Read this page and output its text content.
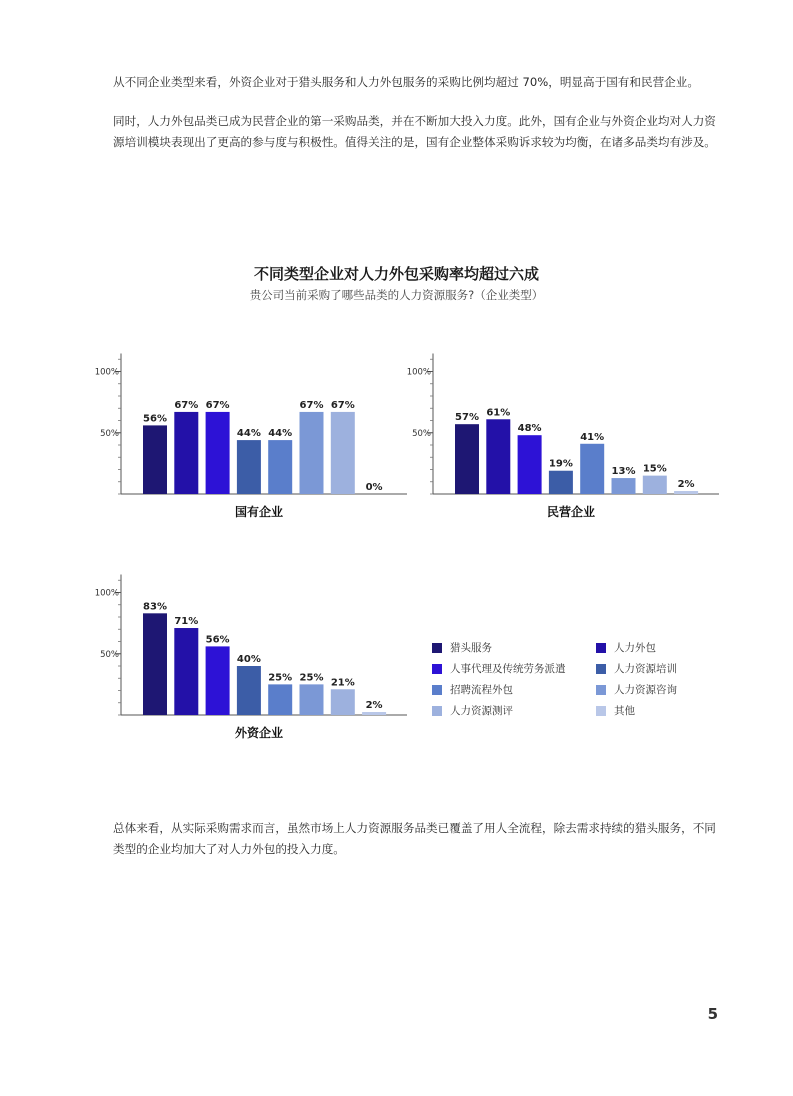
从不同企业类型来看，外资企业对于猎头服务和人力外包服务的采购比例均超过 70%，明显高于国有和民营企业。

同时，人力外包品类已成为民营企业的第一采购品类，并在不断加大投入力度。此外，国有企业与外资企业均对人力资源培训模块表现出了更高的参与度与积极性。值得关注的是，国有企业整体采购诉求较为均衡，在诸多品类均有涉及。

不同类型企业对人力外包采购率均超过六成
贵公司当前采购了哪些品类的人力资源服务?（企业类型）
50%
100%
56%
67% 67%
44% 44%
67% 67%
0%
国有企业
50%
100%
57% 61%
48%
19%
41%
13% 15%
2%
民营企业
50%
100%
83%
71%
56%
40%
25% 25% 21%
2%
外资企业
猎头服务	人力外包
人事代理及传统劳务派遣	人力资源培训
招聘流程外包	人力资源咨询
人力资源测评	其他

总体来看，从实际采购需求而言，虽然市场上人力资源服务品类已覆盖了用人全流程，除去需求持续的猎头服务，不同类型的企业均加大了对人力外包的投入力度。

5
